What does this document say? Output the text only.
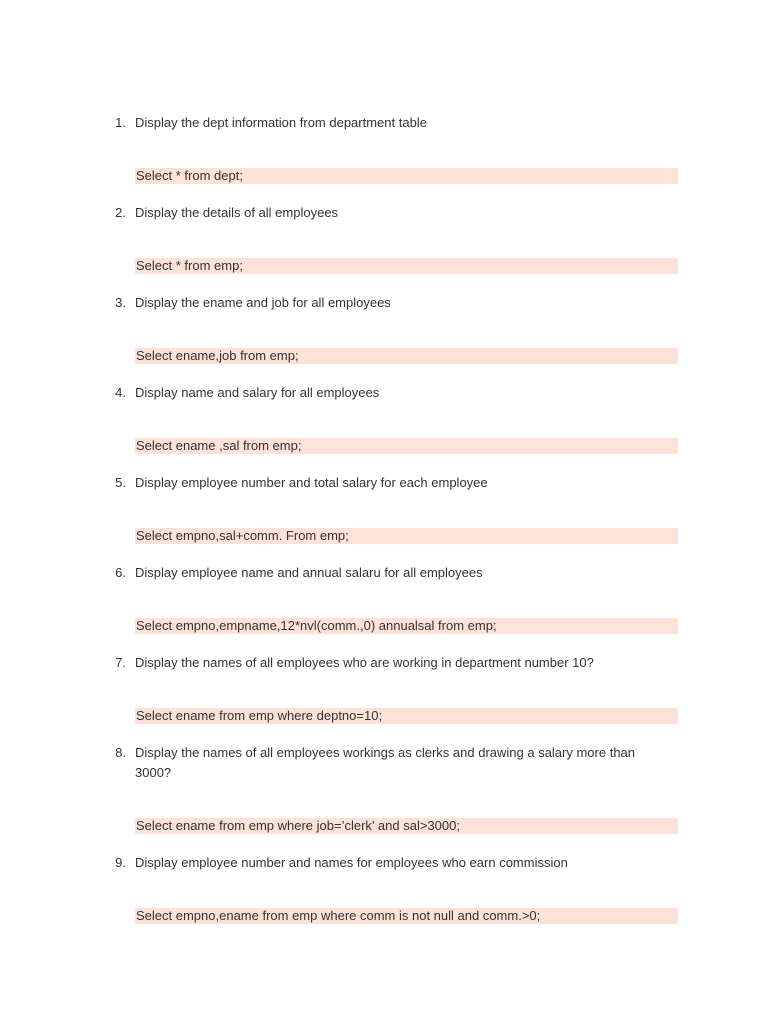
1. Display the dept information from department table
Select * from dept;
2. Display the details of all employees
Select * from emp;
3. Display the ename and job for all employees
Select ename,job from emp;
4. Display name and salary for all employees
Select ename ,sal from emp;
5. Display employee number and total salary for each employee
Select empno,sal+comm. From emp;
6. Display employee name and annual salaru for all employees
Select empno,empname,12*nvl(comm.,0) annualsal from emp;
7. Display the names of all employees who are working in department number 10?
Select ename from emp where deptno=10;
8. Display the names of all employees workings as clerks and drawing a salary more than 3000?
Select ename from emp where job=’clerk’ and sal>3000;
9. Display employee number and names for employees who earn commission
Select empno,ename from emp where comm is not null and comm.>0;
